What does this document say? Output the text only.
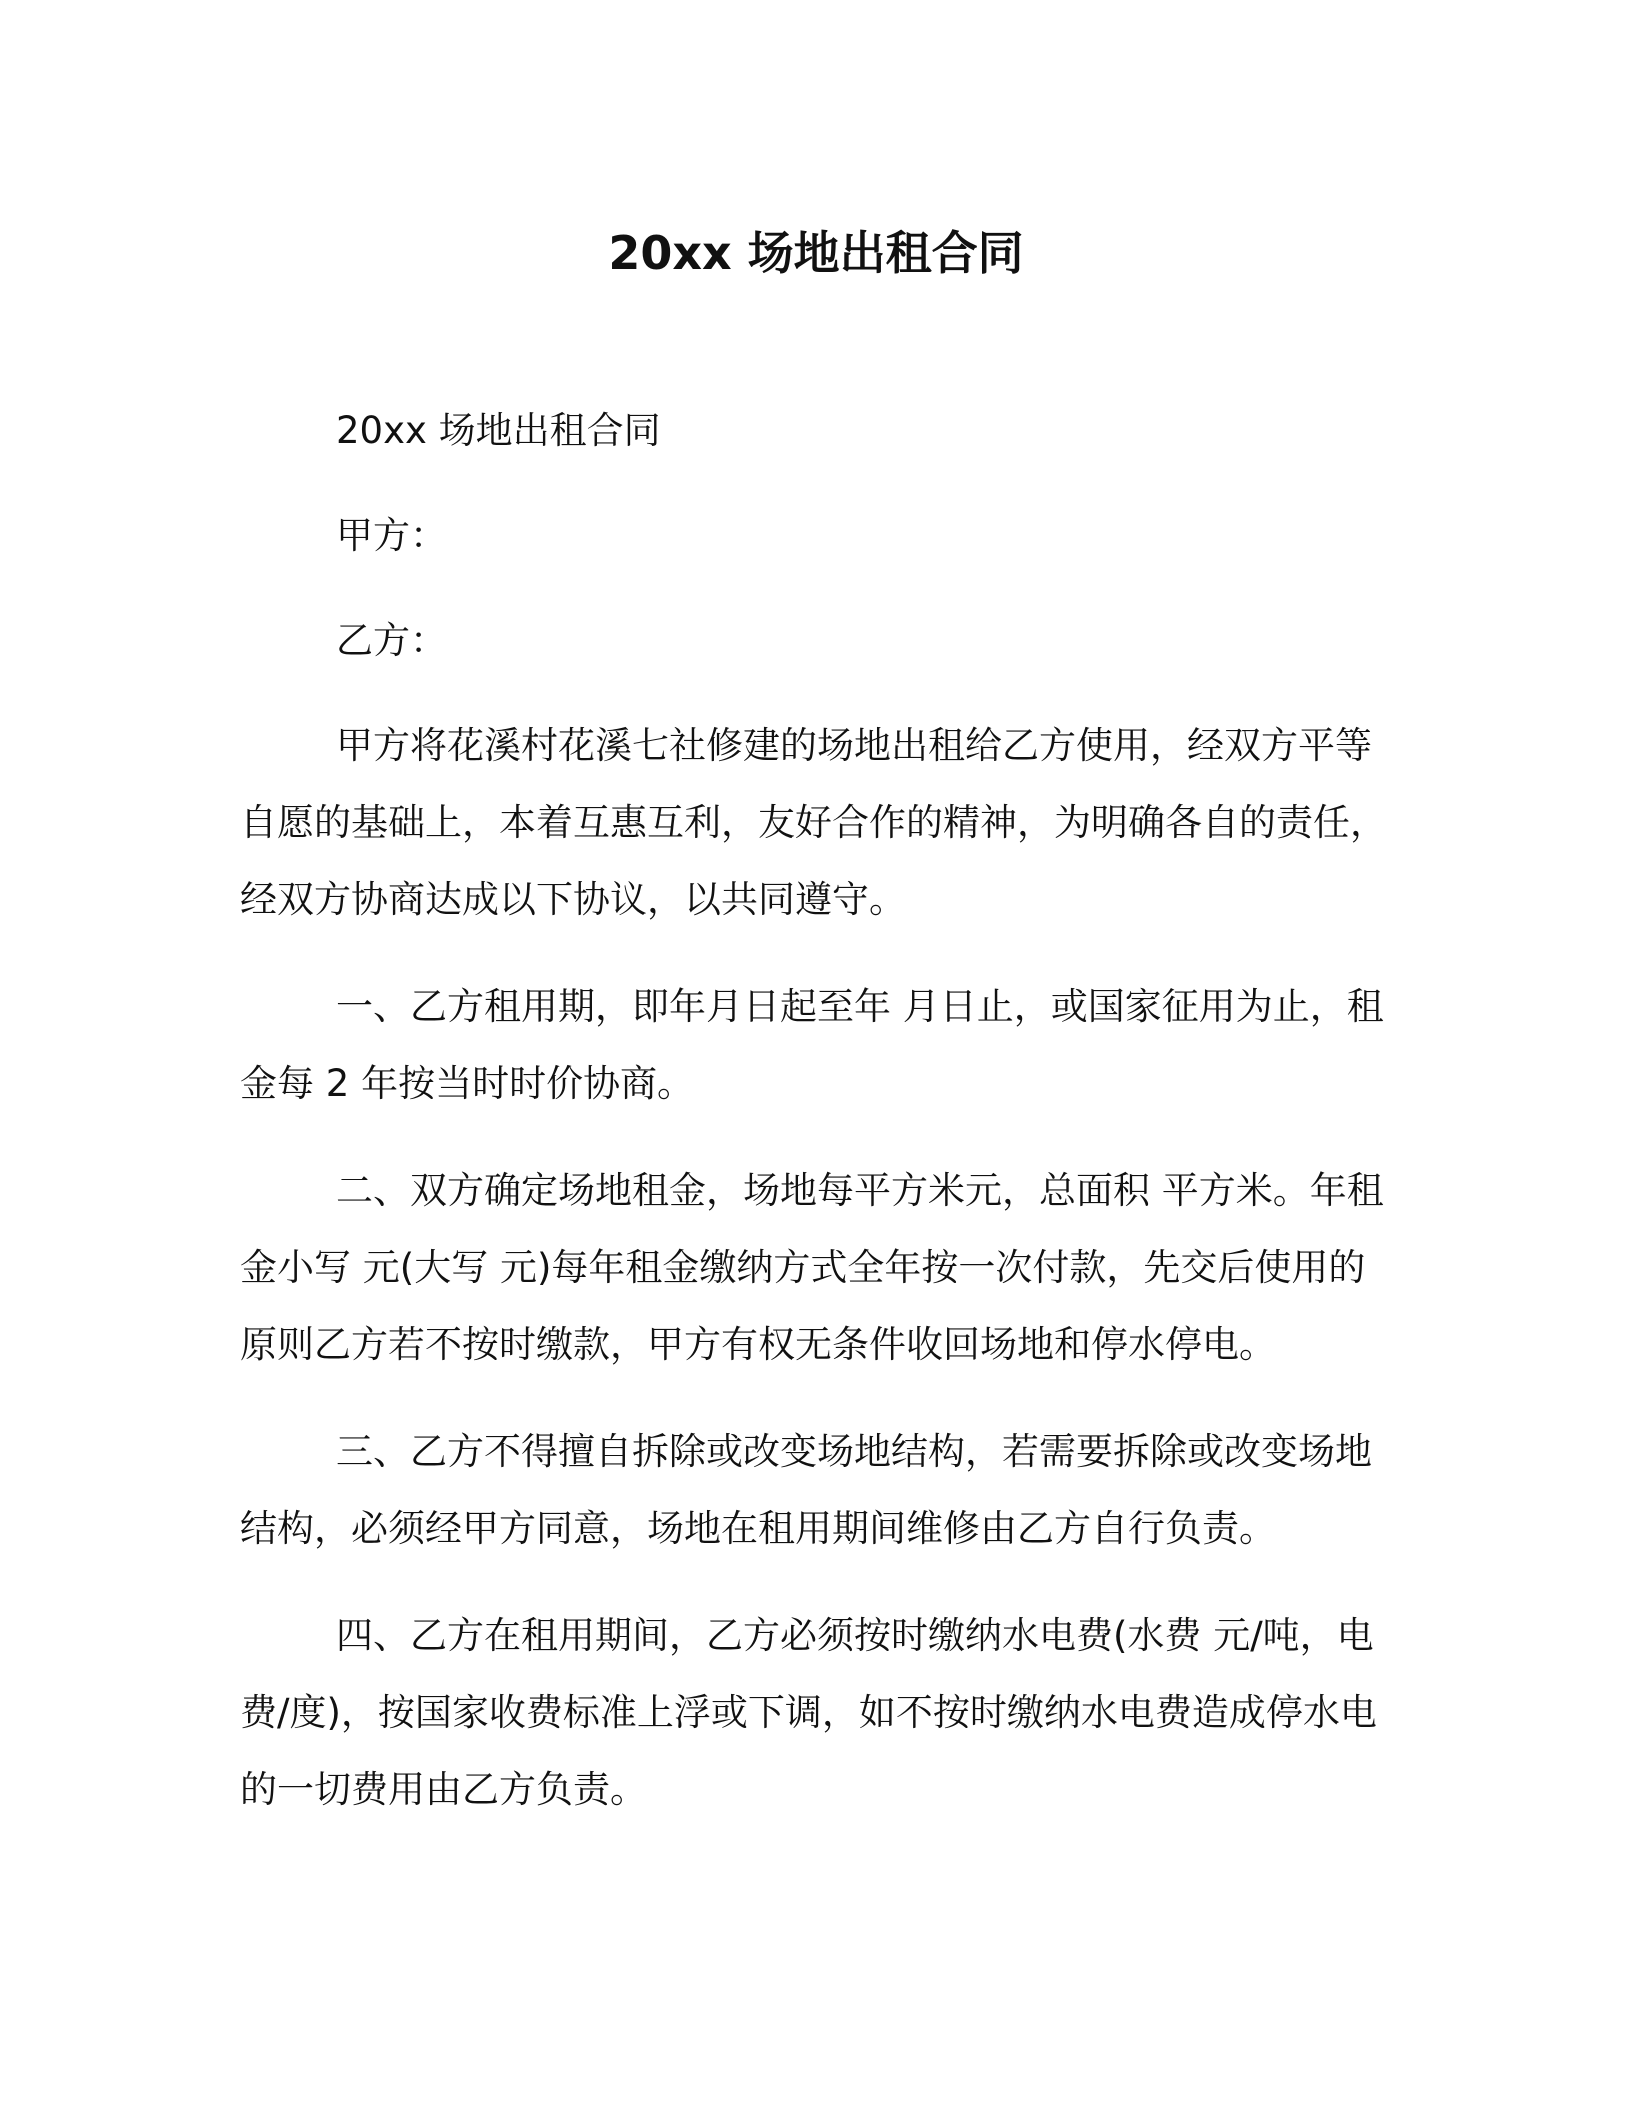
20xx 场地出租合同

20xx 场地出租合同

甲方：

乙方：

甲方将花溪村花溪七社修建的场地出租给乙方使用，经双方平等自愿的基础上，本着互惠互利，友好合作的精神，为明确各自的责任，经双方协商达成以下协议，以共同遵守。

一、乙方租用期，即年月日起至年 月日止，或国家征用为止，租金每 2 年按当时时价协商。

二、双方确定场地租金，场地每平方米元，总面积 平方米。年租金小写 元(大写 元)每年租金缴纳方式全年按一次付款，先交后使用的原则乙方若不按时缴款，甲方有权无条件收回场地和停水停电。

三、乙方不得擅自拆除或改变场地结构，若需要拆除或改变场地结构，必须经甲方同意，场地在租用期间维修由乙方自行负责。

四、乙方在租用期间，乙方必须按时缴纳水电费(水费 元/吨，电费/度)，按国家收费标准上浮或下调，如不按时缴纳水电费造成停水电的一切费用由乙方负责。
